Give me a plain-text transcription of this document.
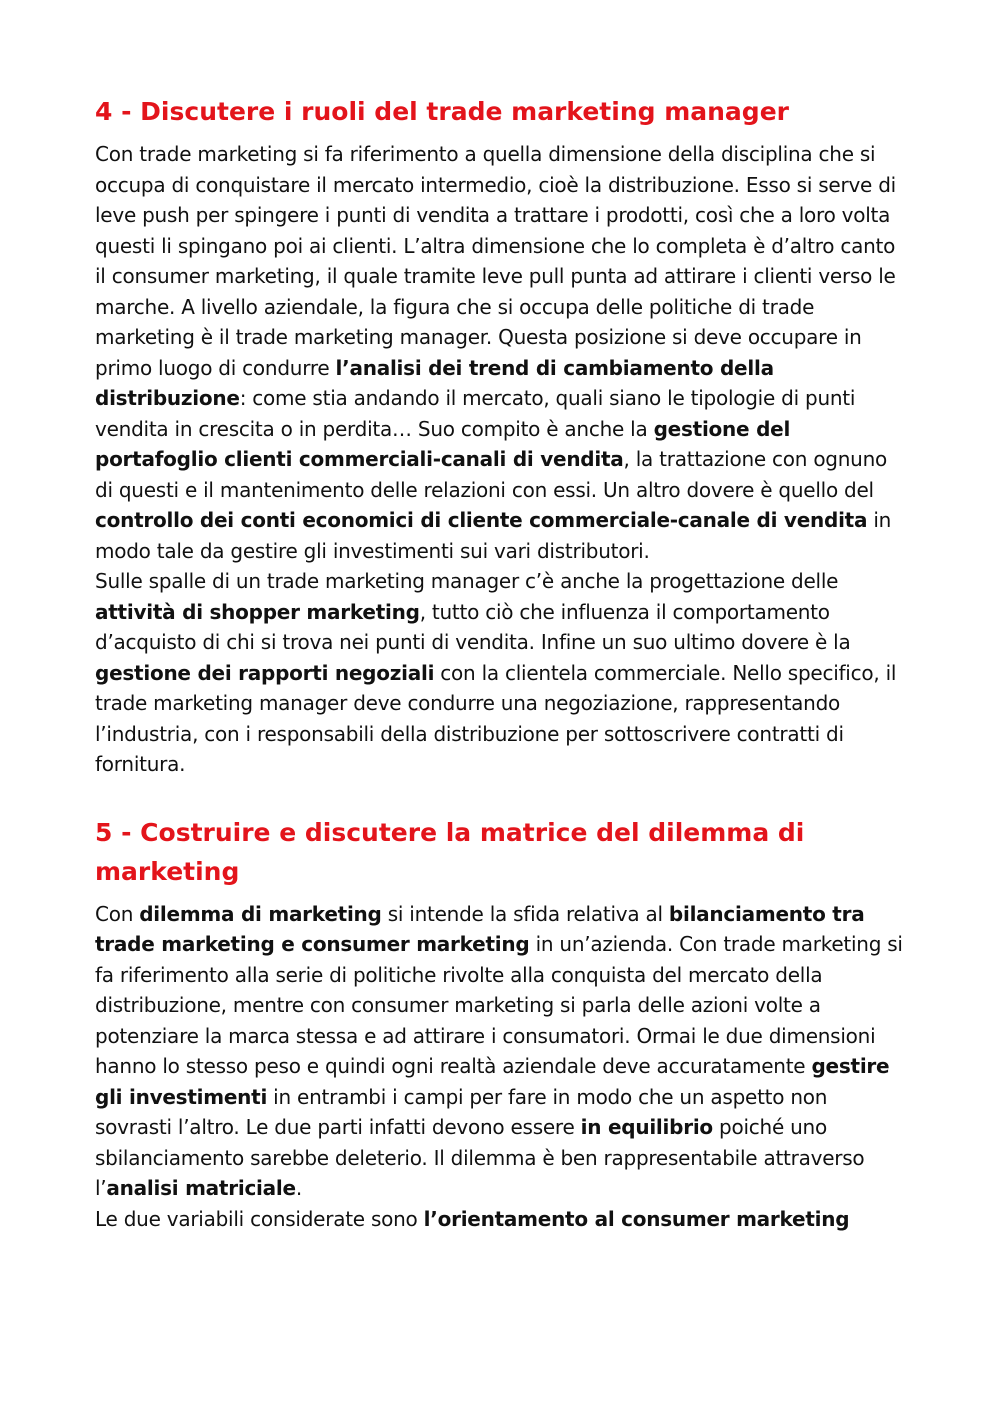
4 - Discutere i ruoli del trade marketing manager

Con trade marketing si fa riferimento a quella dimensione della disciplina che si occupa di conquistare il mercato intermedio, cioè la distribuzione. Esso si serve di leve push per spingere i punti di vendita a trattare i prodotti, così che a loro volta questi li spingano poi ai clienti. L’altra dimensione che lo completa è d’altro canto il consumer marketing, il quale tramite leve pull punta ad attirare i clienti verso le marche. A livello aziendale, la figura che si occupa delle politiche di trade marketing è il trade marketing manager. Questa posizione si deve occupare in primo luogo di condurre l’analisi dei trend di cambiamento della distribuzione: come stia andando il mercato, quali siano le tipologie di punti vendita in crescita o in perdita… Suo compito è anche la gestione del portafoglio clienti commerciali-canali di vendita, la trattazione con ognuno di questi e il mantenimento delle relazioni con essi. Un altro dovere è quello del controllo dei conti economici di cliente commerciale-canale di vendita in modo tale da gestire gli investimenti sui vari distributori.

Sulle spalle di un trade marketing manager c’è anche la progettazione delle attività di shopper marketing, tutto ciò che influenza il comportamento d’acquisto di chi si trova nei punti di vendita. Infine un suo ultimo dovere è la gestione dei rapporti negoziali con la clientela commerciale. Nello specifico, il trade marketing manager deve condurre una negoziazione, rappresentando l’industria, con i responsabili della distribuzione per sottoscrivere contratti di fornitura.

5 - Costruire e discutere la matrice del dilemma di marketing

Con dilemma di marketing si intende la sfida relativa al bilanciamento tra trade marketing e consumer marketing in un’azienda. Con trade marketing si fa riferimento alla serie di politiche rivolte alla conquista del mercato della distribuzione, mentre con consumer marketing si parla delle azioni volte a potenziare la marca stessa e ad attirare i consumatori. Ormai le due dimensioni hanno lo stesso peso e quindi ogni realtà aziendale deve accuratamente gestire gli investimenti in entrambi i campi per fare in modo che un aspetto non sovrasti l’altro. Le due parti infatti devono essere in equilibrio poiché uno sbilanciamento sarebbe deleterio. Il dilemma è ben rappresentabile attraverso l’analisi matriciale.
Le due variabili considerate sono l’orientamento al consumer marketing
